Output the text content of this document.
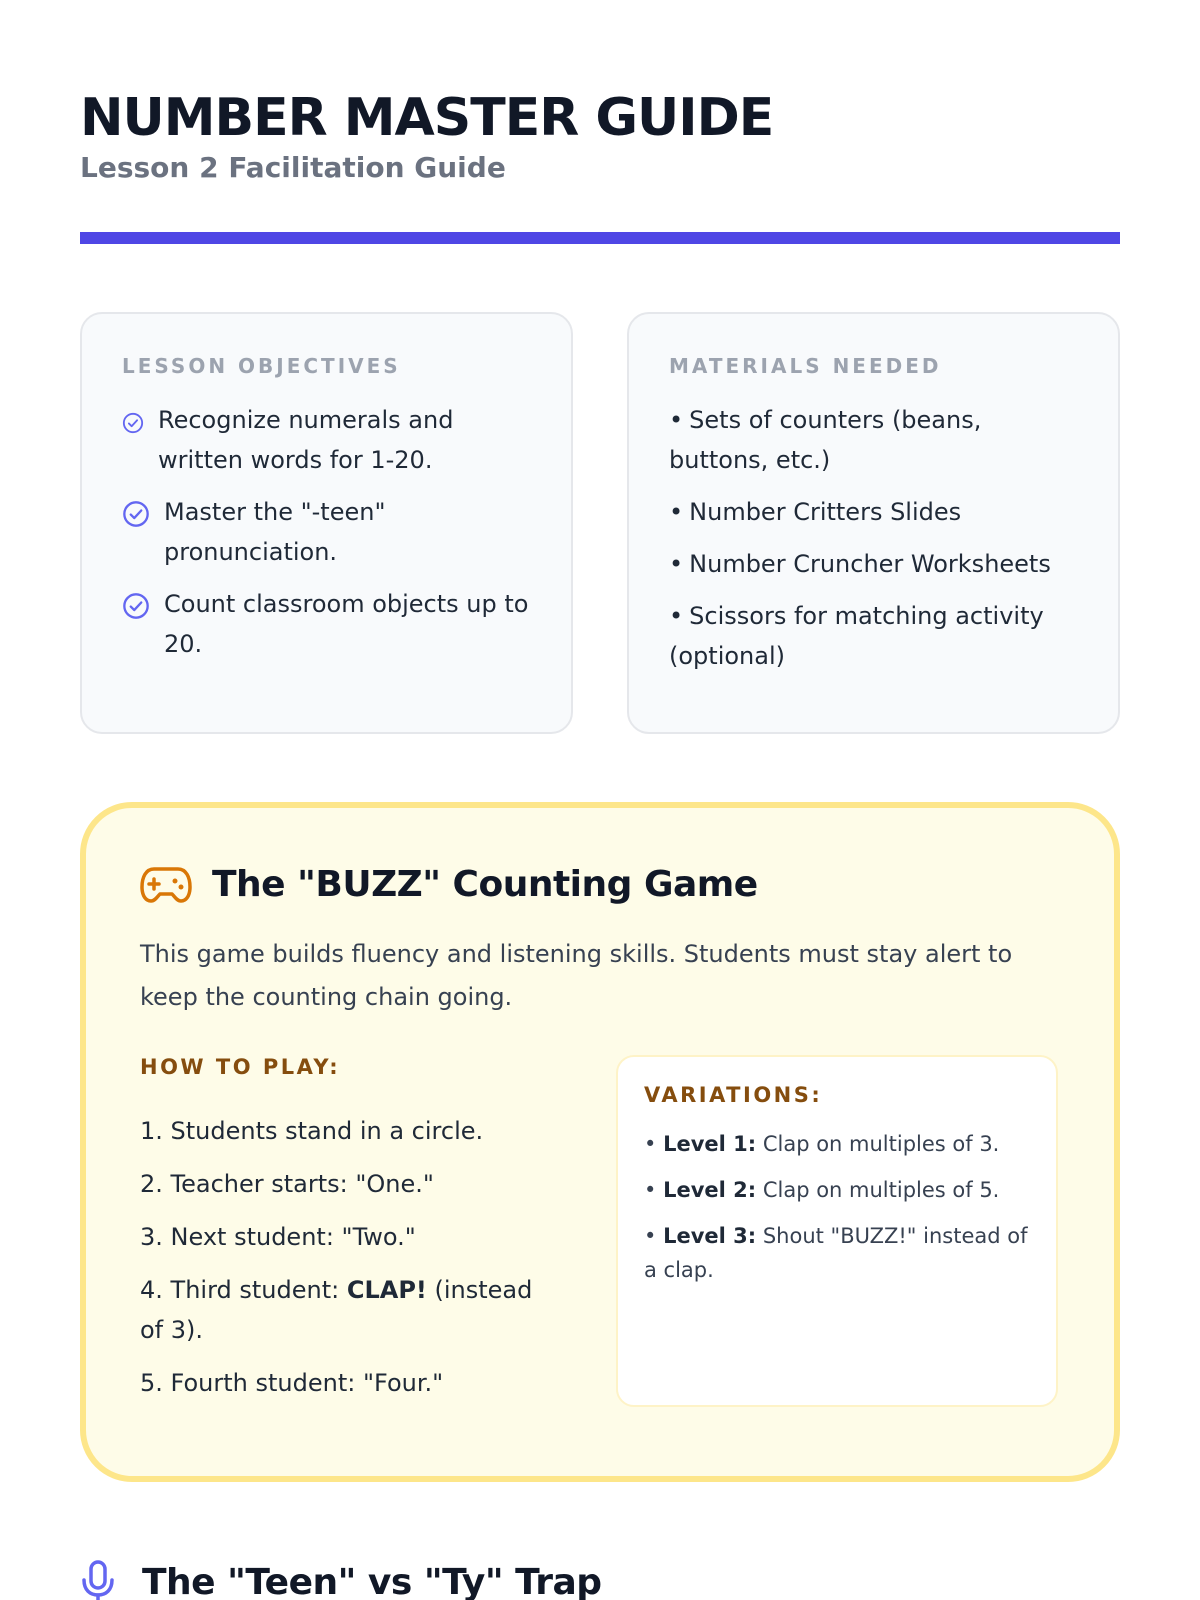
NUMBER MASTER GUIDE
Lesson 2 Facilitation Guide
LESSON OBJECTIVES
Recognize numerals and written words for 1-20.
Master the "-teen" pronunciation.
Count classroom objects up to 20.
MATERIALS NEEDED
• Sets of counters (beans, buttons, etc.)
• Number Critters Slides
• Number Cruncher Worksheets
• Scissors for matching activity (optional)
The "BUZZ" Counting Game

This game builds fluency and listening skills. Students must stay alert to keep the counting chain going.

HOW TO PLAY:
1. Students stand in a circle.
2. Teacher starts: "One."
3. Next student: "Two."
4. Third student: CLAP! (instead of 3).
5. Fourth student: "Four."
VARIATIONS:
• Level 1: Clap on multiples of 3.
• Level 2: Clap on multiples of 5.
• Level 3: Shout "BUZZ!" instead of a clap.
The "Teen" vs "Ty" Trap
